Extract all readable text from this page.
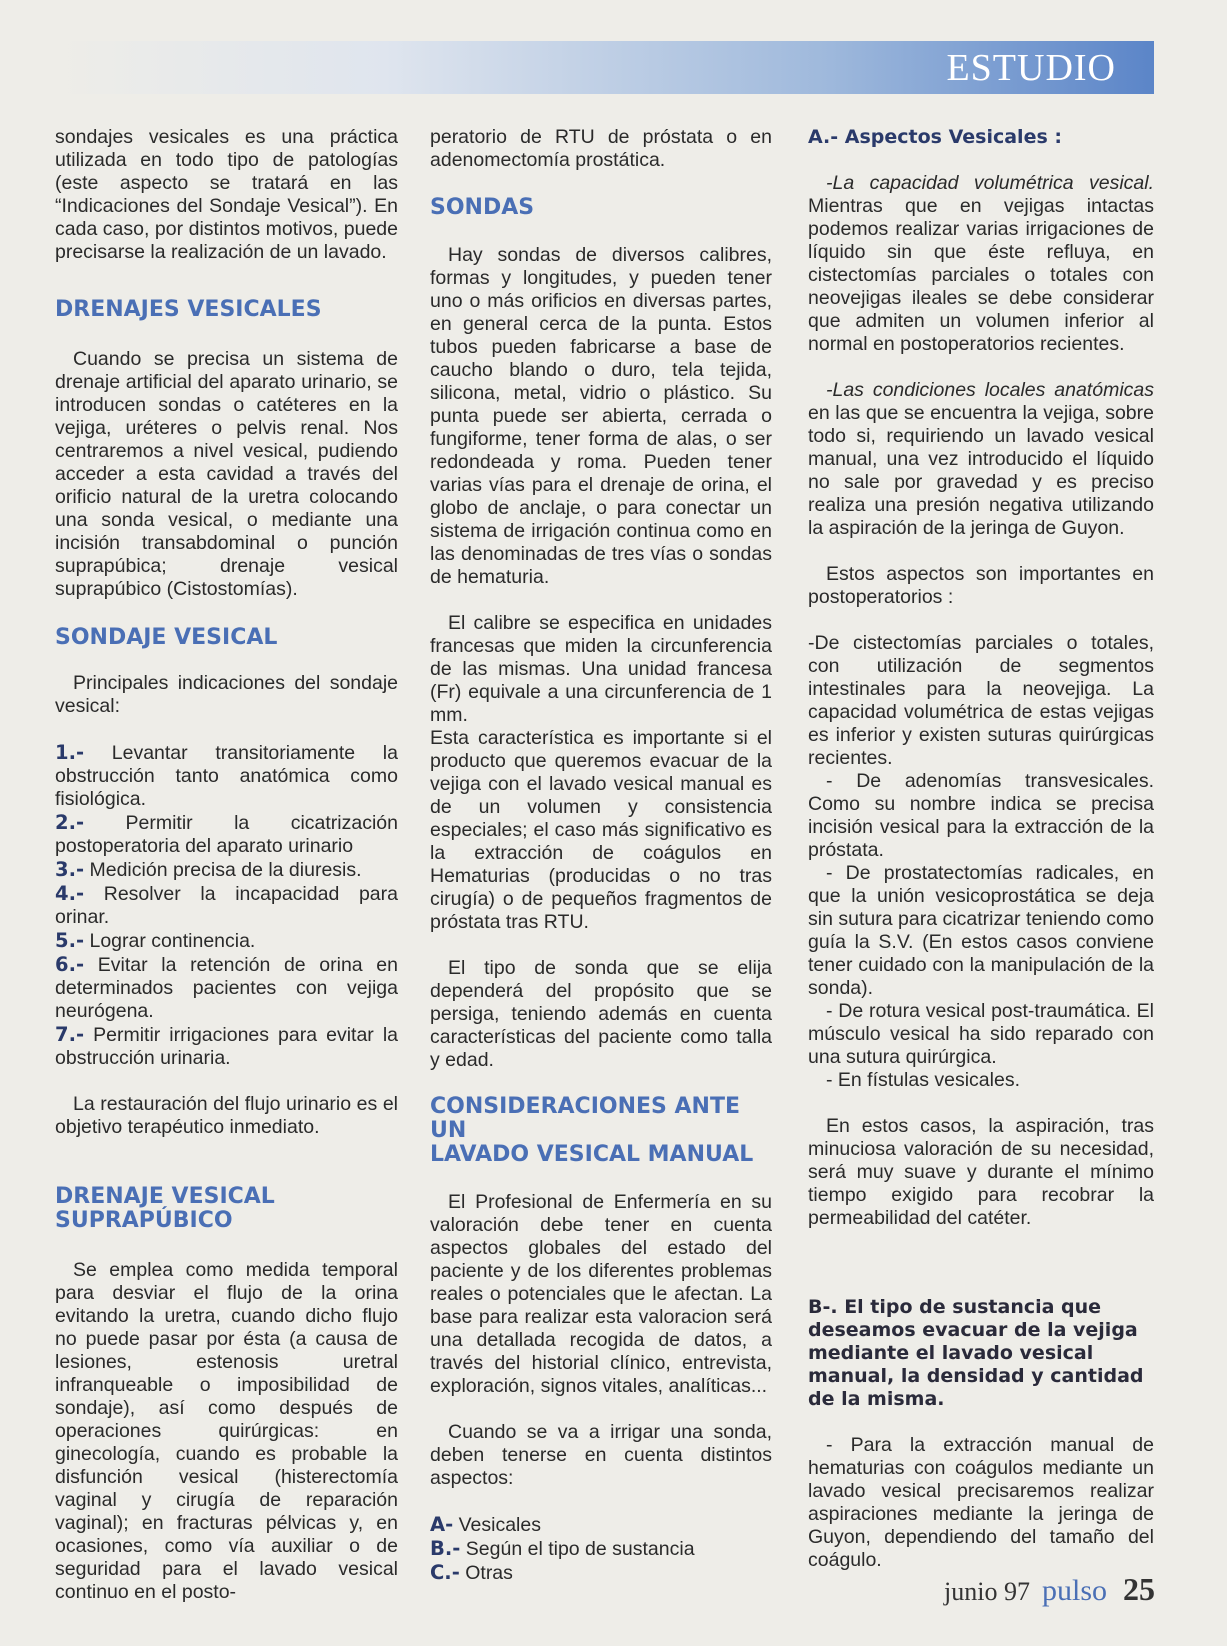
ESTUDIO

sondajes vesicales es una práctica utilizada en todo tipo de patologías (este aspecto se tratará en las “Indicaciones del Sondaje Vesical”). En cada caso, por distintos motivos, puede precisarse la realización de un lavado.

DRENAJES VESICALES

Cuando se precisa un sistema de drenaje artificial del aparato urinario, se introducen sondas o catéteres en la vejiga, uréteres o pelvis renal. Nos centraremos a nivel vesical, pudiendo acceder a esta cavidad a través del orificio natural de la uretra colocando una sonda vesical, o mediante una incisión transabdominal o punción suprapúbica; drenaje vesical suprapúbico (Cistostomías).

SONDAJE VESICAL

Principales indicaciones del sondaje vesical:

1.- Levantar transitoriamente la obstrucción tanto anatómica como fisiológica.

2.- Permitir la cicatrización postoperatoria del aparato urinario

3.- Medición precisa de la diuresis.

4.- Resolver la incapacidad para orinar.

5.- Lograr continencia.

6.- Evitar la retención de orina en determinados pacientes con vejiga neurógena.

7.- Permitir irrigaciones para evitar la obstrucción urinaria.

La restauración del flujo urinario es el objetivo terapéutico inmediato.

DRENAJE VESICAL
SUPRAPÚBICO

Se emplea como medida temporal para desviar el flujo de la orina evitando la uretra, cuando dicho flujo no puede pasar por ésta (a causa de lesiones, estenosis uretral infranqueable o imposibilidad de sondaje), así como después de operaciones quirúrgicas: en ginecología, cuando es probable la disfunción vesical (histerectomía vaginal y cirugía de reparación vaginal); en fracturas pélvicas y, en ocasiones, como vía auxiliar o de seguridad para el lavado vesical continuo en el posto-

peratorio de RTU de próstata o en adenomectomía prostática.

SONDAS

Hay sondas de diversos calibres, formas y longitudes, y pueden tener uno o más orificios en diversas partes, en general cerca de la punta. Estos tubos pueden fabricarse a base de caucho blando o duro, tela tejida, silicona, metal, vidrio o plástico. Su punta puede ser abierta, cerrada o fungiforme, tener forma de alas, o ser redondeada y roma. Pueden tener varias vías para el drenaje de orina, el globo de anclaje, o para conectar un sistema de irrigación continua como en las denominadas de tres vías o sondas de hematuria.

El calibre se especifica en unidades francesas que miden la circunferencia de las mismas. Una unidad francesa (Fr) equivale a una circunferencia de 1 mm.

Esta característica es importante si el producto que queremos evacuar de la vejiga con el lavado vesical manual es de un volumen y consistencia especiales; el caso más significativo es la extracción de coágulos en Hematurias (producidas o no tras cirugía) o de pequeños fragmentos de próstata tras RTU.

El tipo de sonda que se elija dependerá del propósito que se persiga, teniendo además en cuenta características del paciente como talla y edad.

CONSIDERACIONES ANTE UN
LAVADO VESICAL MANUAL

El Profesional de Enfermería en su valoración debe tener en cuenta aspectos globales del estado del paciente y de los diferentes problemas reales o potenciales que le afectan. La base para realizar esta valoracion será una detallada recogida de datos, a través del historial clínico, entrevista, exploración, signos vitales, analíticas...

Cuando se va a irrigar una sonda, deben tenerse en cuenta distintos aspectos:

A- Vesicales

B.- Según el tipo de sustancia

C.- Otras

A.- Aspectos Vesicales :

-La capacidad volumétrica vesical. Mientras que en vejigas intactas podemos realizar varias irrigaciones de líquido sin que éste refluya, en cistectomías parciales o totales con neovejigas ileales se debe considerar que admiten un volumen inferior al normal en postoperatorios recientes.

-Las condiciones locales anatómicas en las que se encuentra la vejiga, sobre todo si, requiriendo un lavado vesical manual, una vez introducido el líquido no sale por gravedad y es preciso realiza una presión negativa utilizando la aspiración de la jeringa de Guyon.

Estos aspectos son importantes en postoperatorios :

-De cistectomías parciales o totales, con utilización de segmentos intestinales para la neovejiga. La capacidad volumétrica de estas vejigas es inferior y existen suturas quirúrgicas recientes.

- De adenomías transvesicales. Como su nombre indica se precisa incisión vesical para la extracción de la próstata.

- De prostatectomías radicales, en que la unión vesicoprostática se deja sin sutura para cicatrizar teniendo como guía la S.V. (En estos casos conviene tener cuidado con la manipulación de la sonda).

- De rotura vesical post-traumática. El músculo vesical ha sido reparado con una sutura quirúrgica.

- En fístulas vesicales.

En estos casos, la aspiración, tras minuciosa valoración de su necesidad, será muy suave y durante el mínimo tiempo exigido para recobrar la permeabilidad del catéter.

B-. El tipo de sustancia que deseamos evacuar de la vejiga mediante el lavado vesical manual, la densidad y cantidad de la misma.

- Para la extracción manual de hematurias con coágulos mediante un lavado vesical precisaremos realizar aspiraciones mediante la jeringa de Guyon, dependiendo del tamaño del coágulo.

junio 97 pulso 25
